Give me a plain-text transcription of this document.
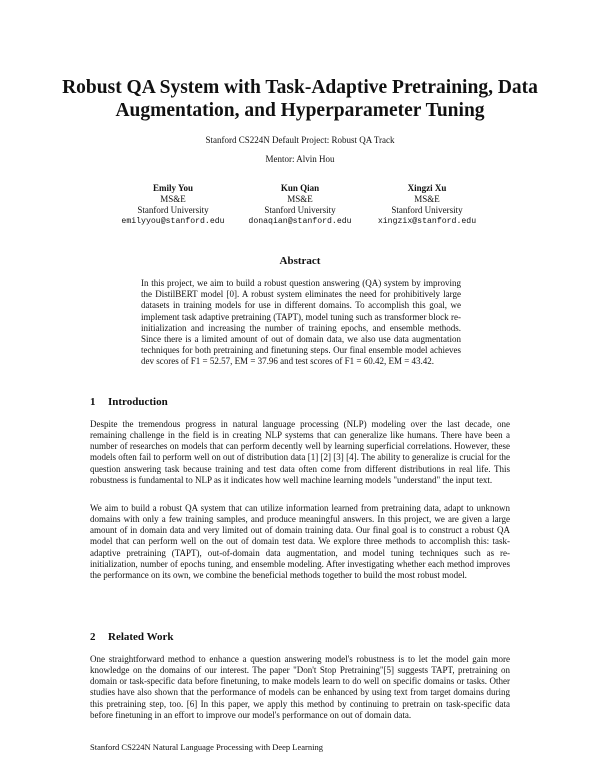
Robust QA System with Task-Adaptive Pretraining, Data Augmentation, and Hyperparameter Tuning
Stanford CS224N Default Project: Robust QA Track
Mentor: Alvin Hou
Emily You
MS&E
Stanford University
emilyyou@stanford.edu
Kun Qian
MS&E
Stanford University
donaqian@stanford.edu
Xingzi Xu
MS&E
Stanford University
xingzix@stanford.edu
Abstract

In this project, we aim to build a robust question answering (QA) system by improving the DistilBERT model [0]. A robust system eliminates the need for prohibitively large datasets in training models for use in different domains. To accomplish this goal, we implement task adaptive pretraining (TAPT), model tuning such as transformer block re-initialization and increasing the number of training epochs, and ensemble methods. Since there is a limited amount of out of domain data, we also use data augmentation techniques for both pretraining and finetuning steps. Our final ensemble model achieves dev scores of F1 = 52.57, EM = 37.96 and test scores of F1 = 60.42, EM = 43.42.

1 Introduction

Despite the tremendous progress in natural language processing (NLP) modeling over the last decade, one remaining challenge in the field is in creating NLP systems that can generalize like humans. There have been a number of researches on models that can perform decently well by learning superficial correlations. However, these models often fail to perform well on out of distribution data [1] [2] [3] [4]. The ability to generalize is crucial for the question answering task because training and test data often come from different distributions in real life. This robustness is fundamental to NLP as it indicates how well machine learning models "understand" the input text.

We aim to build a robust QA system that can utilize information learned from pretraining data, adapt to unknown domains with only a few training samples, and produce meaningful answers. In this project, we are given a large amount of in domain data and very limited out of domain training data. Our final goal is to construct a robust QA model that can perform well on the out of domain test data. We explore three methods to accomplish this: task-adaptive pretraining (TAPT), out-of-domain data augmentation, and model tuning techniques such as re-initialization, number of epochs tuning, and ensemble modeling. After investigating whether each method improves the performance on its own, we combine the beneficial methods together to build the most robust model.

2 Related Work

One straightforward method to enhance a question answering model's robustness is to let the model gain more knowledge on the domains of our interest. The paper "Don't Stop Pretraining"[5] suggests TAPT, pretraining on domain or task-specific data before finetuning, to make models learn to do well on specific domains or tasks. Other studies have also shown that the performance of models can be enhanced by using text from target domains during this pretraining step, too. [6] In this paper, we apply this method by continuing to pretrain on task-specific data before finetuning in an effort to improve our model's performance on out of domain data.

Stanford CS224N Natural Language Processing with Deep Learning
